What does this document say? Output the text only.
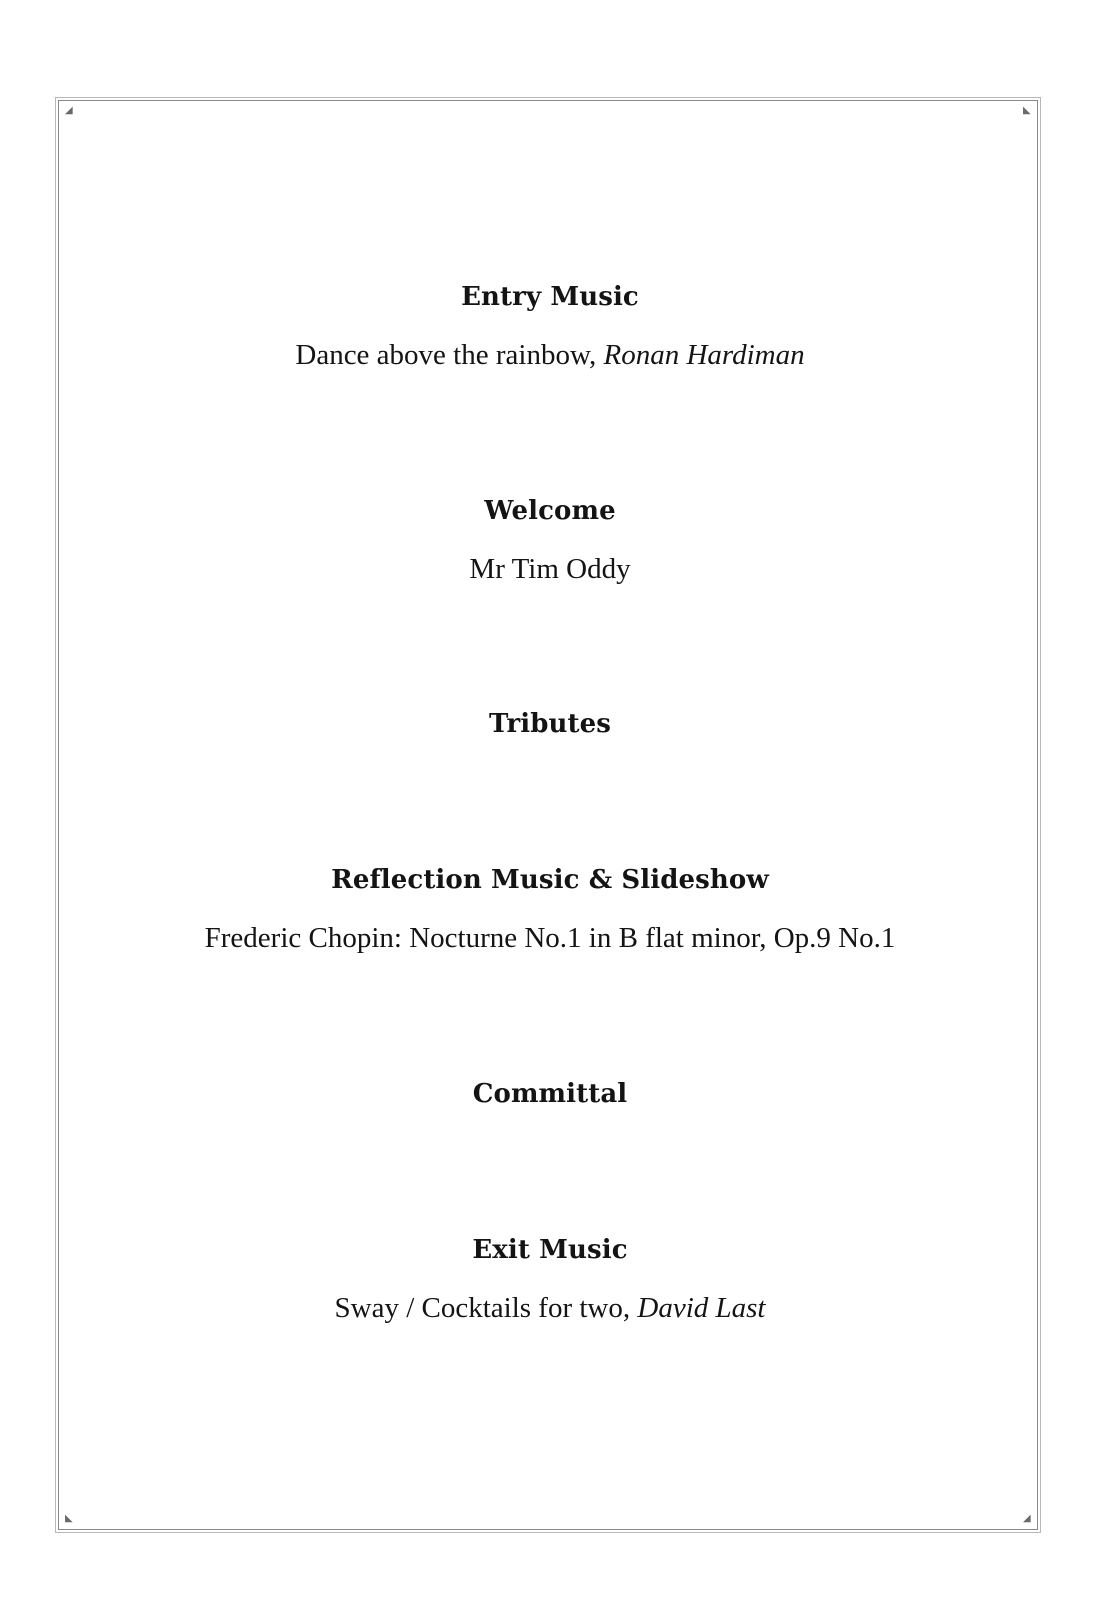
◢	◣
◣	◢

Entry Music

Dance above the rainbow, Ronan Hardiman

Welcome

Mr Tim Oddy

Tributes

Reflection Music & Slideshow

Frederic Chopin: Nocturne No.1 in B flat minor, Op.9 No.1

Committal

Exit Music

Sway / Cocktails for two, David Last
